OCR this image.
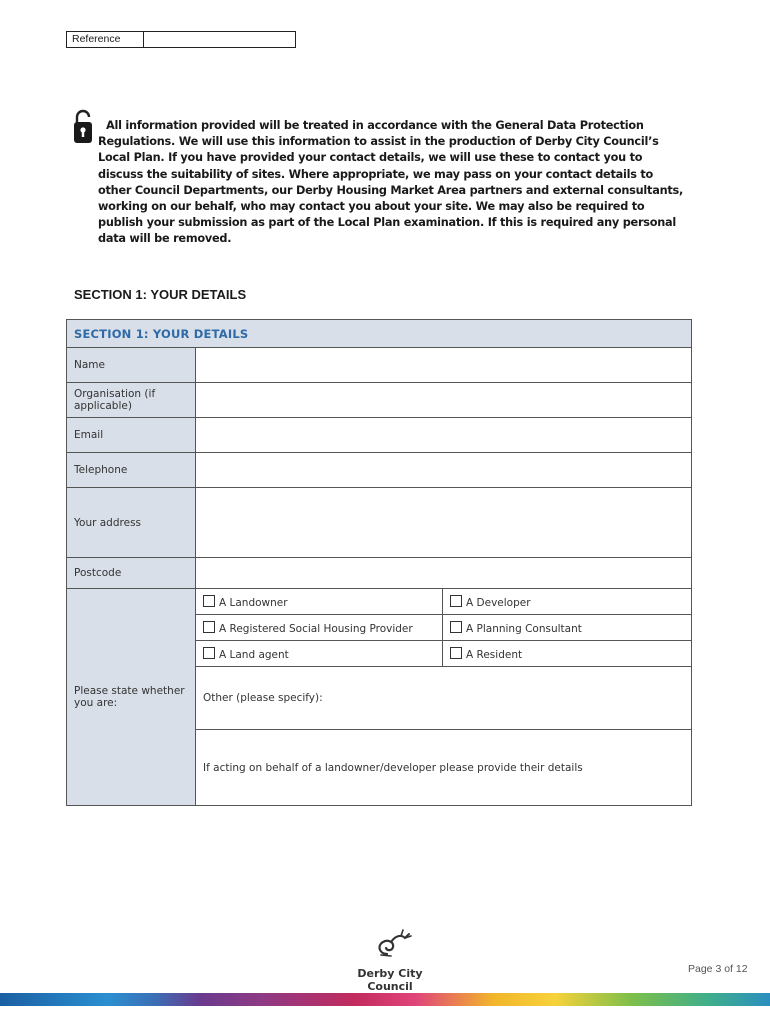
Reference
All information provided will be treated in accordance with the General Data Protection Regulations. We will use this information to assist in the production of Derby City Council’s Local Plan. If you have provided your contact details, we will use these to contact you to discuss the suitability of sites. Where appropriate, we may pass on your contact details to other Council Departments, our Derby Housing Market Area partners and external consultants, working on our behalf, who may contact you about your site. We may also be required to publish your submission as part of the Local Plan examination. If this is required any personal data will be removed.
SECTION 1: YOUR DETAILS
SECTION 1: YOUR DETAILS		
Name		
Organisation (if applicable)		
Email		
Telephone		
Your address		
Postcode		
Please state whether you are:	A Landowner	A Developer
	A Registered Social Housing Provider	A Planning Consultant
	A Land agent	A Resident
	Other (please specify):	
	If acting on behalf of a landowner/developer please provide their details	
Derby City Council
Page 3 of 12
